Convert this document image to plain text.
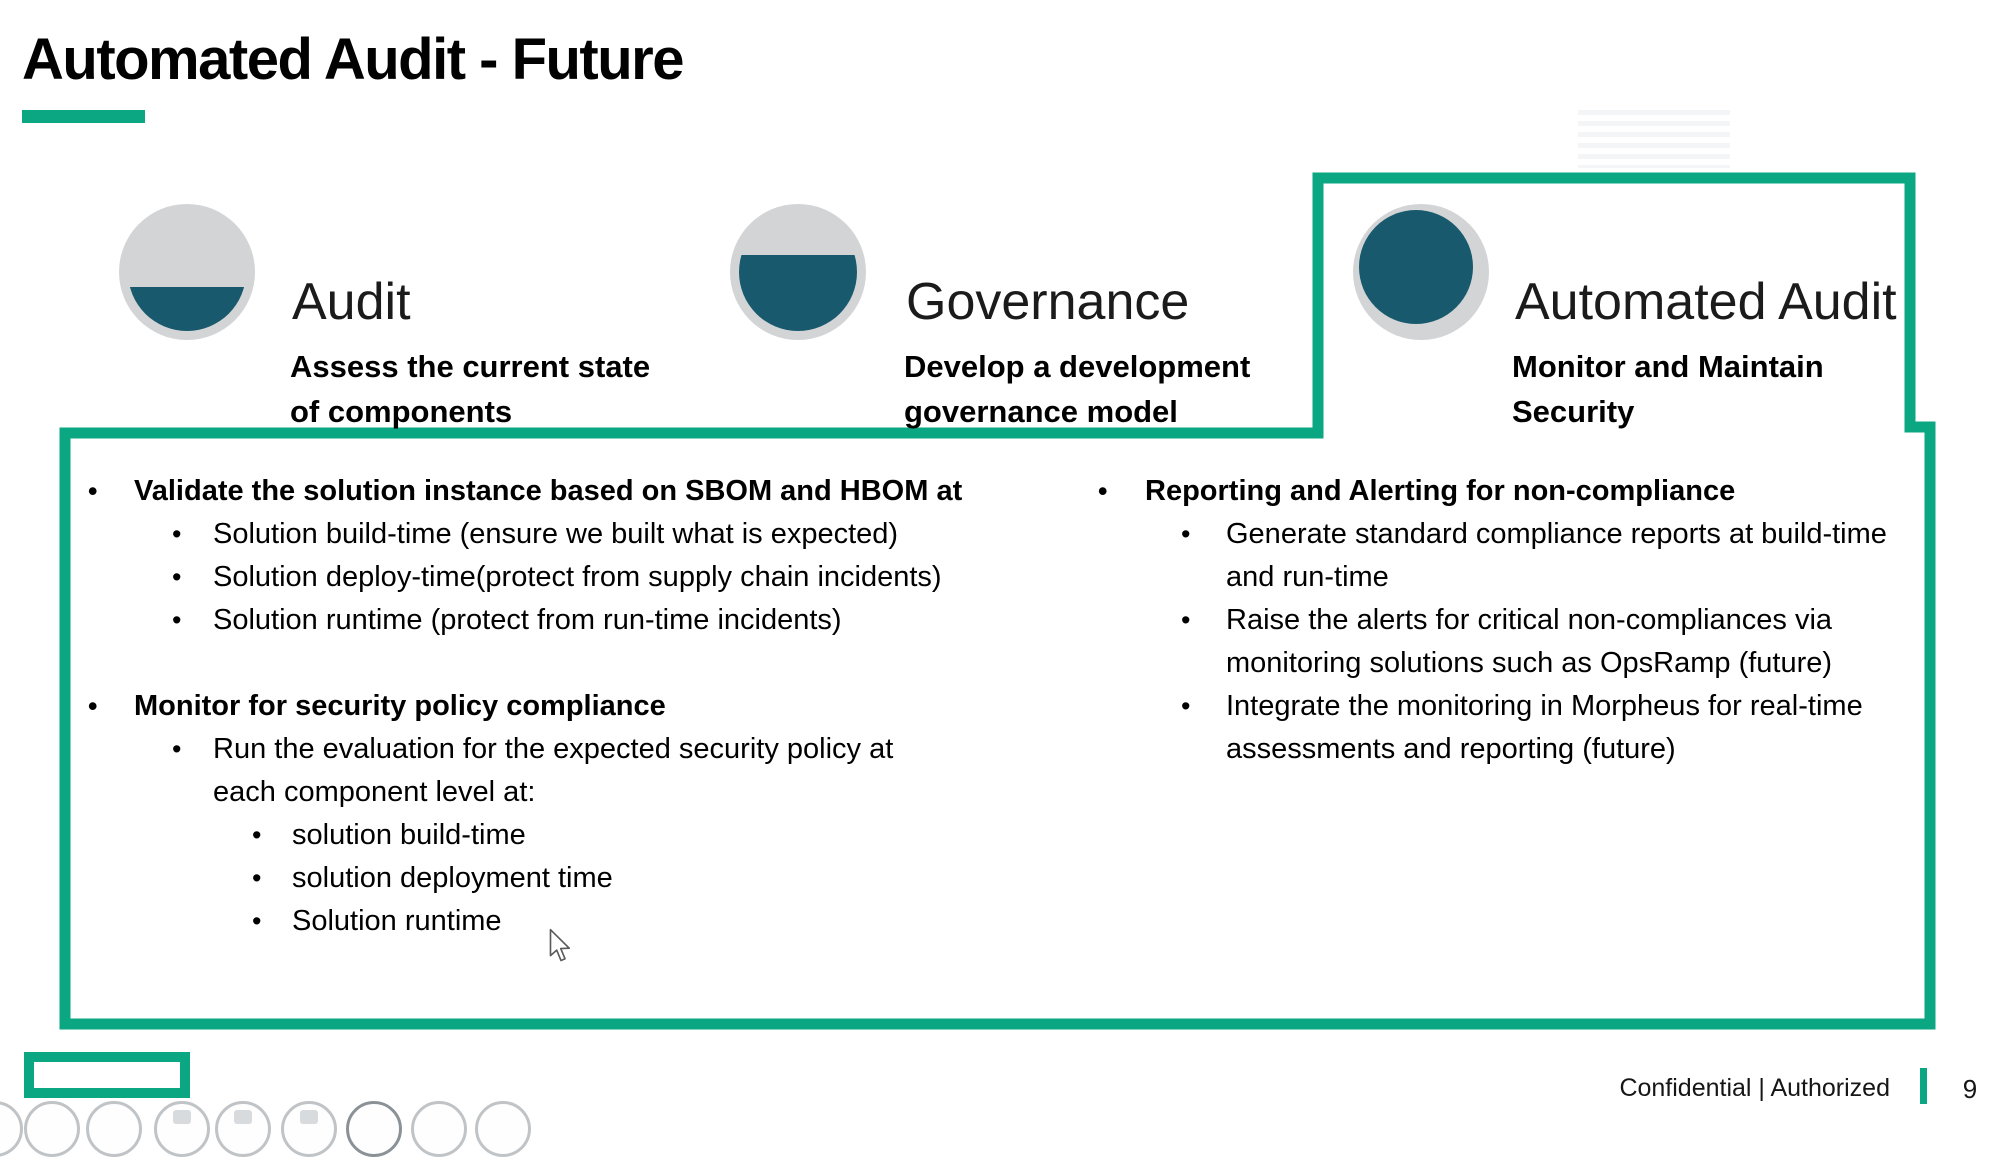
Automated Audit - Future
Audit
Assess the current state
of components
Governance
Develop a development
governance model
Automated Audit
Monitor and Maintain
Security
• Validate the solution instance based on SBOM and HBOM at
• Solution build-time (ensure we built what is expected)
• Solution deploy-time(protect from supply chain incidents)
• Solution runtime (protect from run-time incidents)
• Monitor for security policy compliance
• Run the evaluation for the expected security policy at
each component level at:
• solution build-time
• solution deployment time
• Solution runtime
• Reporting and Alerting for non-compliance
• Generate standard compliance reports at build-time
and run-time
• Raise the alerts for critical non-compliances via
monitoring solutions such as OpsRamp (future)
• Integrate the monitoring in Morpheus for real-time
assessments and reporting (future)
Confidential | Authorized	9
